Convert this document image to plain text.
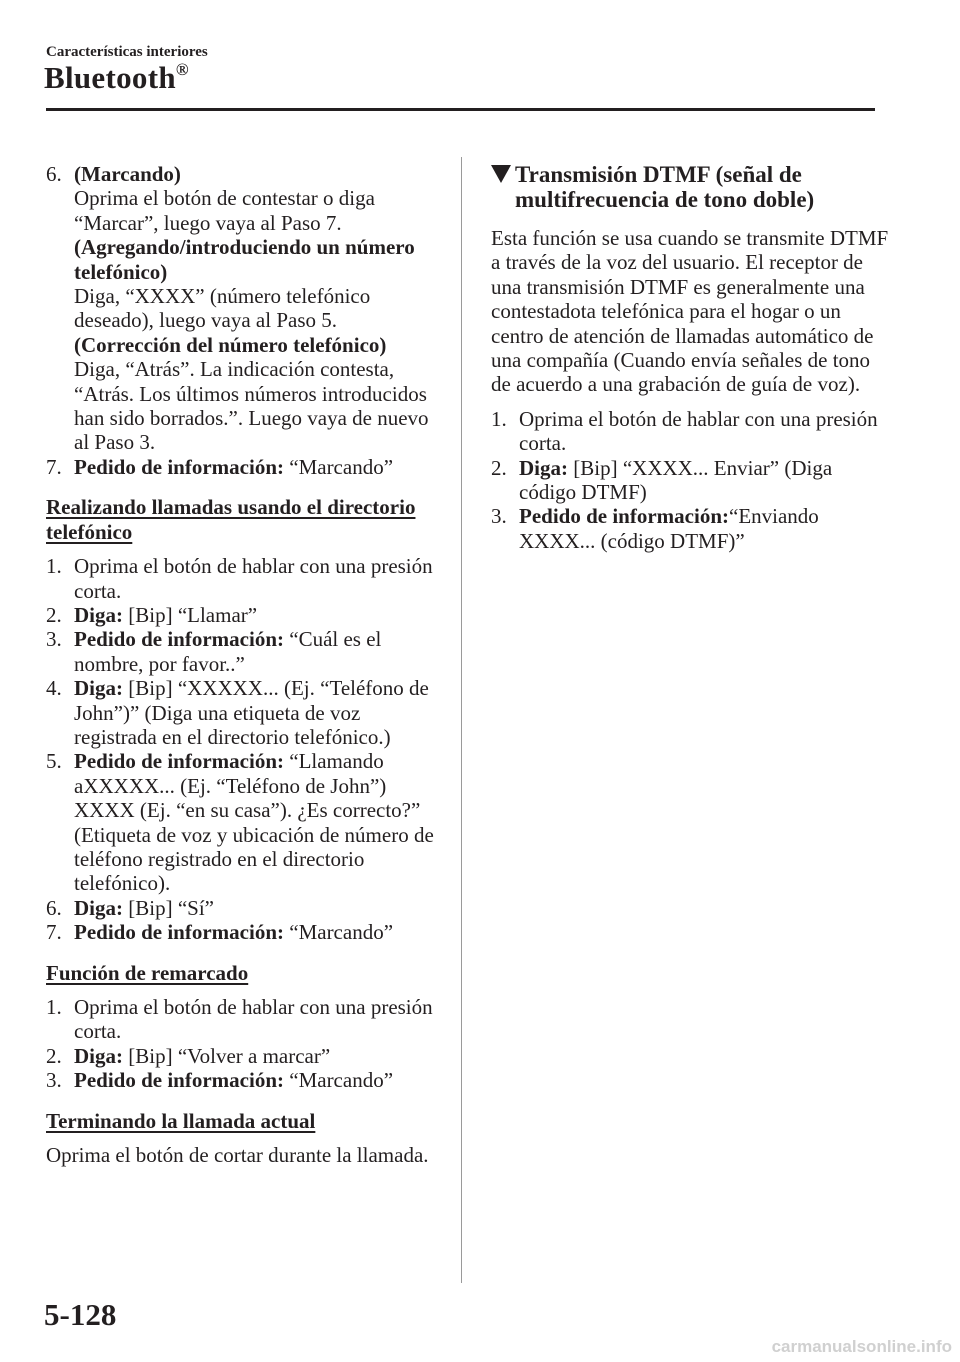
Características interiores
Bluetooth®
6. (Marcando)
Oprima el botón de contestar o diga “Marcar”, luego vaya al Paso 7.
(Agregando/introduciendo un número telefónico)
Diga, “XXXX” (número telefónico deseado), luego vaya al Paso 5.
(Corrección del número telefónico)
Diga, “Atrás”. La indicación contesta, “Atrás. Los últimos números introducidos han sido borrados.”. Luego vaya de nuevo al Paso 3.
7. Pedido de información: “Marcando”
Realizando llamadas usando el directorio telefónico
1. Oprima el botón de hablar con una presión corta.
2. Diga: [Bip] “Llamar”
3. Pedido de información: “Cuál es el nombre, por favor..”
4. Diga: [Bip] “XXXXX... (Ej. “Teléfono de John”)” (Diga una etiqueta de voz registrada en el directorio telefónico.)
5. Pedido de información: “Llamando aXXXXX... (Ej. “Teléfono de John”) XXXX (Ej. “en su casa”). ¿Es correcto?” (Etiqueta de voz y ubicación de número de teléfono registrado en el directorio telefónico).
6. Diga: [Bip] “Sí”
7. Pedido de información: “Marcando”
Función de remarcado
1. Oprima el botón de hablar con una presión corta.
2. Diga: [Bip] “Volver a marcar”
3. Pedido de información: “Marcando”
Terminando la llamada actual
Oprima el botón de cortar durante la llamada.
Transmisión DTMF (señal de multifrecuencia de tono doble)
Esta función se usa cuando se transmite DTMF a través de la voz del usuario. El receptor de una transmisión DTMF es generalmente una contestadota telefónica para el hogar o un centro de atención de llamadas automático de una compañía (Cuando envía señales de tono de acuerdo a una grabación de guía de voz).
1. Oprima el botón de hablar con una presión corta.
2. Diga: [Bip] “XXXX... Enviar” (Diga código DTMF)
3. Pedido de información:“Enviando XXXX... (código DTMF)”
5-128
carmanualsonline.info
